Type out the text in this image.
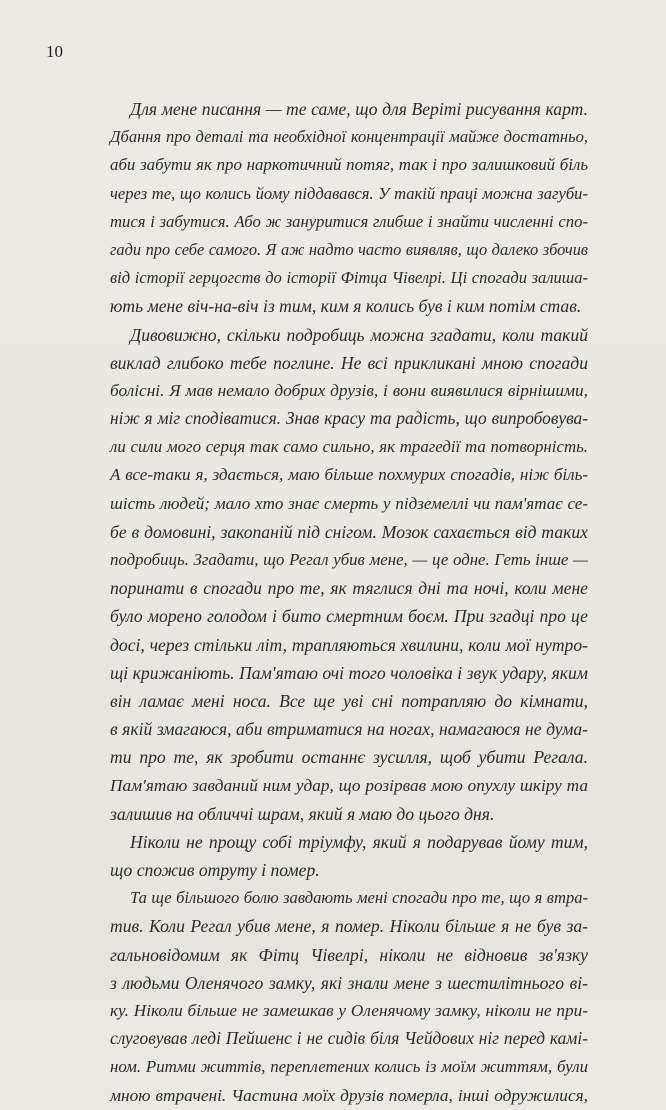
10
Для мене писання — те саме, що для Веріті рисування карт.
Дбання про деталі та необхідної концентрації майже достатньо,
аби забути як про наркотичний потяг, так і про залишковий біль
через те, що колись йому піддавався. У такій праці можна загуби-
тися і забутися. Або ж зануритися глибше і знайти численні спо-
гади про себе самого. Я аж надто часто виявляв, що далеко збочив
від історії герцогств до історії Фітца Чівелрі. Ці спогади залиша-
ють мене віч-на-віч із тим, ким я колись був і ким потім став.
Дивовижно, скільки подробиць можна згадати, коли такий
виклад глибоко тебе поглине. Не всі прикликані мною спогади
болісні. Я мав немало добрих друзів, і вони виявилися вірнішими,
ніж я міг сподіватися. Знав красу та радість, що випробовува-
ли сили мого серця так само сильно, як трагедії та потворність.
А все-таки я, здається, маю більше похмурих спогадів, ніж біль-
шість людей; мало хто знає смерть у підземеллі чи пам'ятає се-
бе в домовині, закопаній під снігом. Мозок сахається від таких
подробиць. Згадати, що Регал убив мене, — це одне. Геть інше —
поринати в спогади про те, як тяглися дні та ночі, коли мене
було морено голодом і бито смертним боєм. При згадці про це
досі, через стільки літ, трапляються хвилини, коли мої нутро-
щі крижаніють. Пам'ятаю очі того чоловіка і звук удару, яким
він ламає мені носа. Все ще уві сні потрапляю до кімнати,
в якій змагаюся, аби втриматися на ногах, намагаюся не дума-
ти про те, як зробити останнє зусилля, щоб убити Регала.
Пам'ятаю завданий ним удар, що розірвав мою опухлу шкіру та
залишив на обличчі шрам, який я маю до цього дня.
Ніколи не прощу собі тріумфу, який я подарував йому тим,
що спожив отруту і помер.
Та ще більшого болю завдають мені спогади про те, що я втра-
тив. Коли Регал убив мене, я помер. Ніколи більше я не був за-
гальновідомим як Фітц Чівелрі, ніколи не відновив зв'язку
з людьми Оленячого замку, які знали мене з шестилітнього ві-
ку. Ніколи більше не замешкав у Оленячому замку, ніколи не при-
слуговував леді Пейшенс і не сидів біля Чейдових ніг перед камі-
ном. Ритми життів, переплетених колись із моїм життям, були
мною втрачені. Частина моїх друзів померла, інші одружилися,
